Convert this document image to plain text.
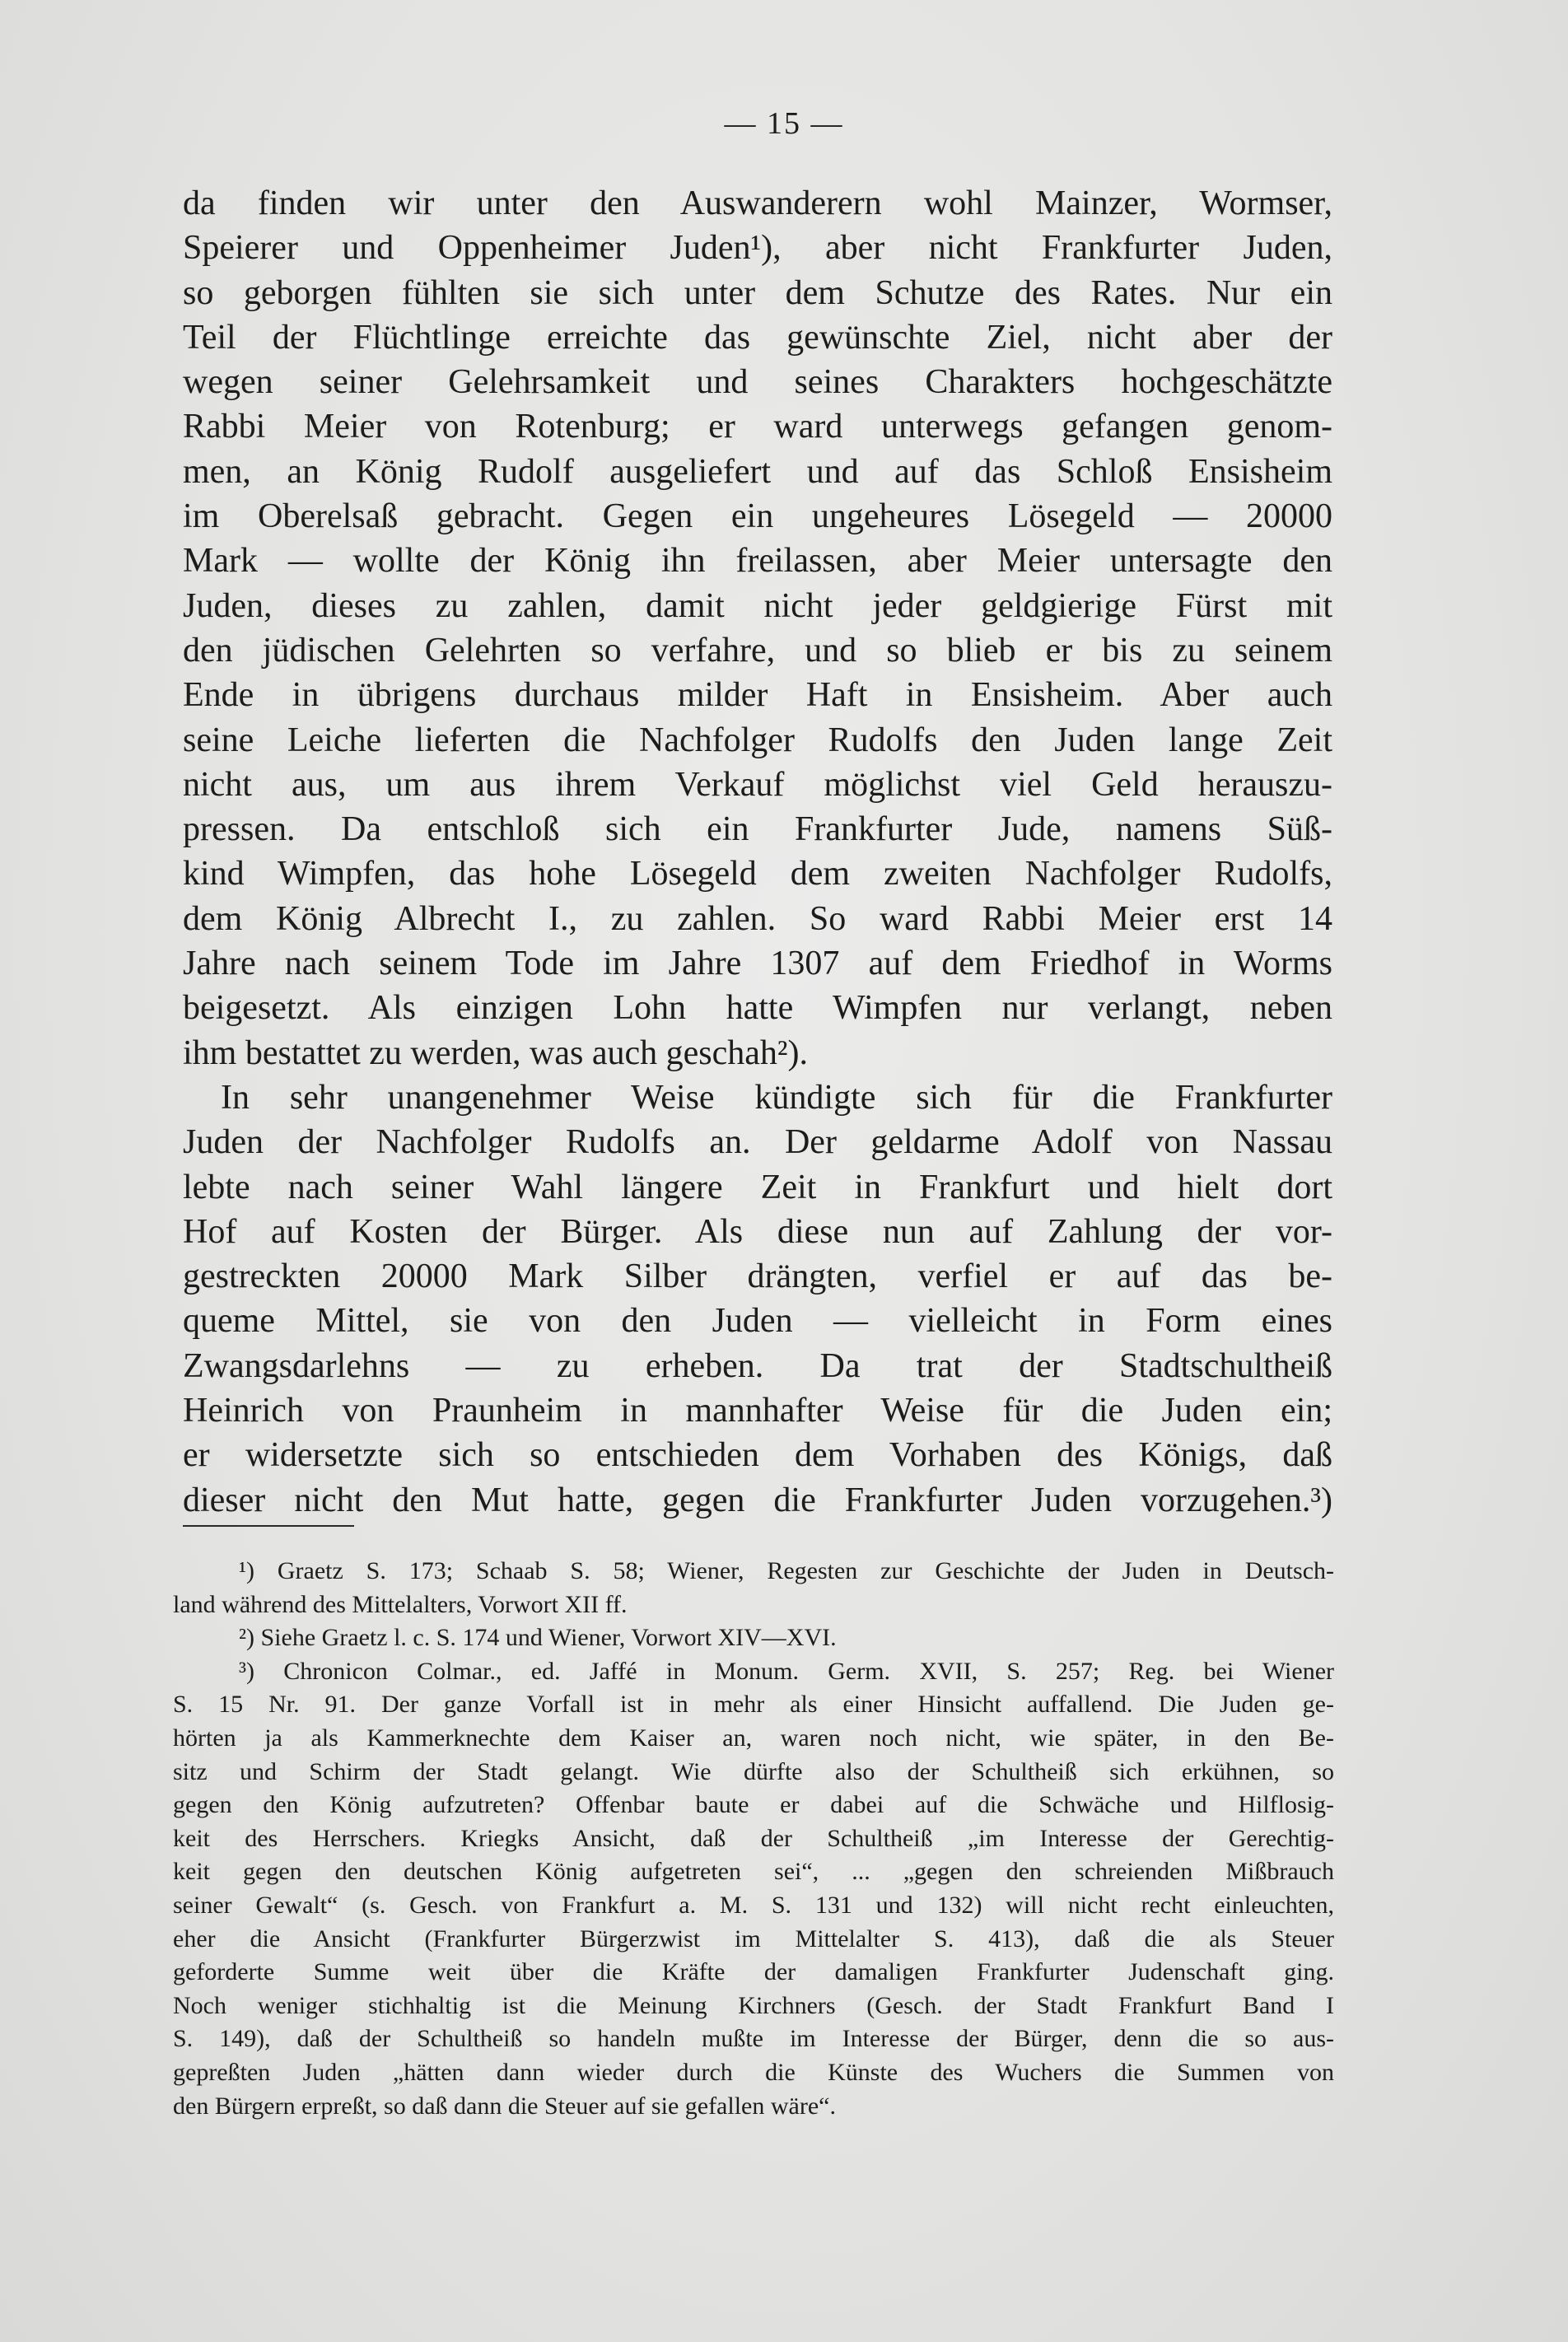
— 15 —
da finden wir unter den Auswanderern wohl Mainzer, Wormser,
Speierer und Oppenheimer Juden¹), aber nicht Frankfurter Juden,
so geborgen fühlten sie sich unter dem Schutze des Rates. Nur ein
Teil der Flüchtlinge erreichte das gewünschte Ziel, nicht aber der
wegen seiner Gelehrsamkeit und seines Charakters hochgeschätzte
Rabbi Meier von Rotenburg; er ward unterwegs gefangen genom-
men, an König Rudolf ausgeliefert und auf das Schloß Ensisheim
im Oberelsaß gebracht. Gegen ein ungeheures Lösegeld — 20000
Mark — wollte der König ihn freilassen, aber Meier untersagte den
Juden, dieses zu zahlen, damit nicht jeder geldgierige Fürst mit
den jüdischen Gelehrten so verfahre, und so blieb er bis zu seinem
Ende in übrigens durchaus milder Haft in Ensisheim. Aber auch
seine Leiche lieferten die Nachfolger Rudolfs den Juden lange Zeit
nicht aus, um aus ihrem Verkauf möglichst viel Geld herauszu-
pressen. Da entschloß sich ein Frankfurter Jude, namens Süß-
kind Wimpfen, das hohe Lösegeld dem zweiten Nachfolger Rudolfs,
dem König Albrecht I., zu zahlen. So ward Rabbi Meier erst 14
Jahre nach seinem Tode im Jahre 1307 auf dem Friedhof in Worms
beigesetzt. Als einzigen Lohn hatte Wimpfen nur verlangt, neben
ihm bestattet zu werden, was auch geschah²).
In sehr unangenehmer Weise kündigte sich für die Frankfurter
Juden der Nachfolger Rudolfs an. Der geldarme Adolf von Nassau
lebte nach seiner Wahl längere Zeit in Frankfurt und hielt dort
Hof auf Kosten der Bürger. Als diese nun auf Zahlung der vor-
gestreckten 20000 Mark Silber drängten, verfiel er auf das be-
queme Mittel, sie von den Juden — vielleicht in Form eines
Zwangsdarlehns — zu erheben. Da trat der Stadtschultheiß
Heinrich von Praunheim in mannhafter Weise für die Juden ein;
er widersetzte sich so entschieden dem Vorhaben des Königs, daß
dieser nicht den Mut hatte, gegen die Frankfurter Juden vorzugehen.³)
¹) Graetz S. 173; Schaab S. 58; Wiener, Regesten zur Geschichte der Juden in Deutsch-
land während des Mittelalters, Vorwort XII ff.
²) Siehe Graetz l. c. S. 174 und Wiener, Vorwort XIV—XVI.
³) Chronicon Colmar., ed. Jaffé in Monum. Germ. XVII, S. 257; Reg. bei Wiener
S. 15 Nr. 91. Der ganze Vorfall ist in mehr als einer Hinsicht auffallend. Die Juden ge-
hörten ja als Kammerknechte dem Kaiser an, waren noch nicht, wie später, in den Be-
sitz und Schirm der Stadt gelangt. Wie dürfte also der Schultheiß sich erkühnen, so
gegen den König aufzutreten? Offenbar baute er dabei auf die Schwäche und Hilflosig-
keit des Herrschers. Kriegks Ansicht, daß der Schultheiß „im Interesse der Gerechtig-
keit gegen den deutschen König aufgetreten sei“, ... „gegen den schreienden Mißbrauch
seiner Gewalt“ (s. Gesch. von Frankfurt a. M. S. 131 und 132) will nicht recht einleuchten,
eher die Ansicht (Frankfurter Bürgerzwist im Mittelalter S. 413), daß die als Steuer
geforderte Summe weit über die Kräfte der damaligen Frankfurter Judenschaft ging.
Noch weniger stichhaltig ist die Meinung Kirchners (Gesch. der Stadt Frankfurt Band I
S. 149), daß der Schultheiß so handeln mußte im Interesse der Bürger, denn die so aus-
gepreßten Juden „hätten dann wieder durch die Künste des Wuchers die Summen von
den Bürgern erpreßt, so daß dann die Steuer auf sie gefallen wäre“.
